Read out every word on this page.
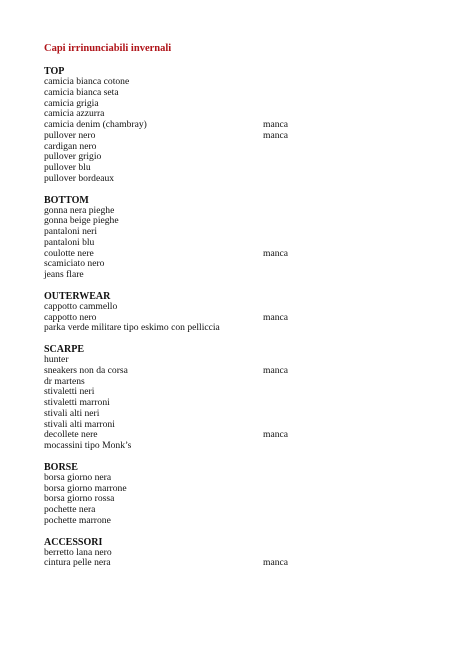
Capi irrinunciabili invernali
TOP
camicia bianca cotone
camicia bianca seta
camicia grigia
camicia azzurra
camicia denim (chambray)	manca
pullover nero	manca
cardigan nero
pullover grigio
pullover blu
pullover bordeaux
BOTTOM
gonna nera pieghe
gonna beige pieghe
pantaloni neri
pantaloni blu
coulotte nere	manca
scamiciato nero
jeans flare
OUTERWEAR
cappotto cammello
cappotto nero	manca
parka verde militare tipo eskimo con pelliccia
SCARPE
hunter
sneakers non da corsa	manca
dr martens
stivaletti neri
stivaletti marroni
stivali alti neri
stivali alti marroni
decollete nere	manca
mocassini tipo Monk’s
BORSE
borsa giorno nera
borsa giorno marrone
borsa giorno rossa
pochette nera
pochette marrone
ACCESSORI
berretto lana nero
cintura pelle nera	manca
